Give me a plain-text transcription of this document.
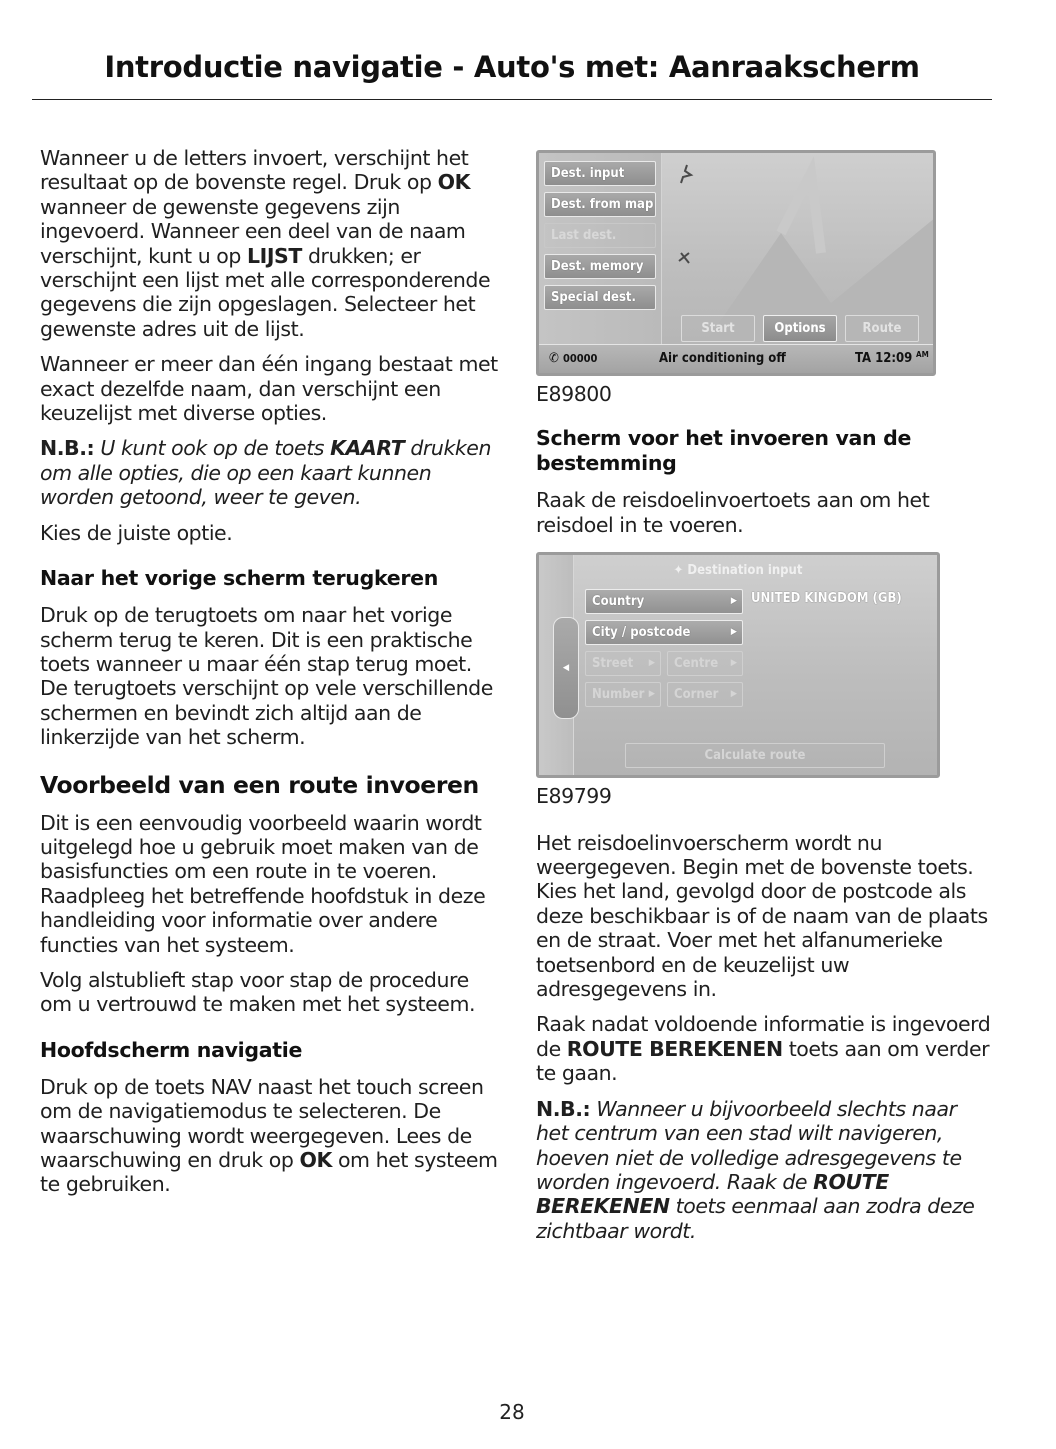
Introductie navigatie - Auto's met: Aanraakscherm

Wanneer u de letters invoert, verschijnt het resultaat op de bovenste regel. Druk op OK wanneer de gewenste gegevens zijn ingevoerd. Wanneer een deel van de naam verschijnt, kunt u op LIJST drukken; er verschijnt een lijst met alle corresponderende gegevens die zijn opgeslagen. Selecteer het gewenste adres uit de lijst.

Wanneer er meer dan één ingang bestaat met exact dezelfde naam, dan verschijnt een keuzelijst met diverse opties.

N.B.: U kunt ook op de toets KAART drukken om alle opties, die op een kaart kunnen worden getoond, weer te geven.

Kies de juiste optie.

Naar het vorige scherm terugkeren

Druk op de terugtoets om naar het vorige scherm terug te keren. Dit is een praktische toets wanneer u maar één stap terug moet. De terugtoets verschijnt op vele verschillende schermen en bevindt zich altijd aan de linkerzijde van het scherm.

Voorbeeld van een route invoeren

Dit is een eenvoudig voorbeeld waarin wordt uitgelegd hoe u gebruik moet maken van de basisfuncties om een route in te voeren. Raadpleeg het betreffende hoofdstuk in deze handleiding voor informatie over andere functies van het systeem.

Volg alstublieft stap voor stap de procedure om u vertrouwd te maken met het systeem.

Hoofdscherm navigatie

Druk op de toets NAV naast het touch screen om de navigatiemodus te selecteren. De waarschuwing wordt weergegeven. Lees de waarschuwing en druk op OK om het systeem te gebruiken.

Dest. input
Dest. from map
Last dest.
Dest. memory
Special dest.
Start	Options	Route
✆ 00000	Air conditioning off	TA 12:09 AM

E89800

Scherm voor het invoeren van de bestemming

Raak de reisdoelinvoertoets aan om het reisdoel in te voeren.

◀
✦ Destination input
Country	▶ UNITED KINGDOM (GB)
City / postcode	▶
Street ▶	Centre ▶
Number ▶	Corner ▶
Calculate route

E89799

Het reisdoelinvoerscherm wordt nu weergegeven. Begin met de bovenste toets. Kies het land, gevolgd door de postcode als deze beschikbaar is of de naam van de plaats en de straat. Voer met het alfanumerieke toetsenbord en de keuzelijst uw adresgegevens in.

Raak nadat voldoende informatie is ingevoerd de ROUTE BEREKENEN toets aan om verder te gaan.

N.B.: Wanneer u bijvoorbeeld slechts naar het centrum van een stad wilt navigeren, hoeven niet de volledige adresgegevens te worden ingevoerd. Raak de ROUTE BEREKENEN toets eenmaal aan zodra deze zichtbaar wordt.

28
